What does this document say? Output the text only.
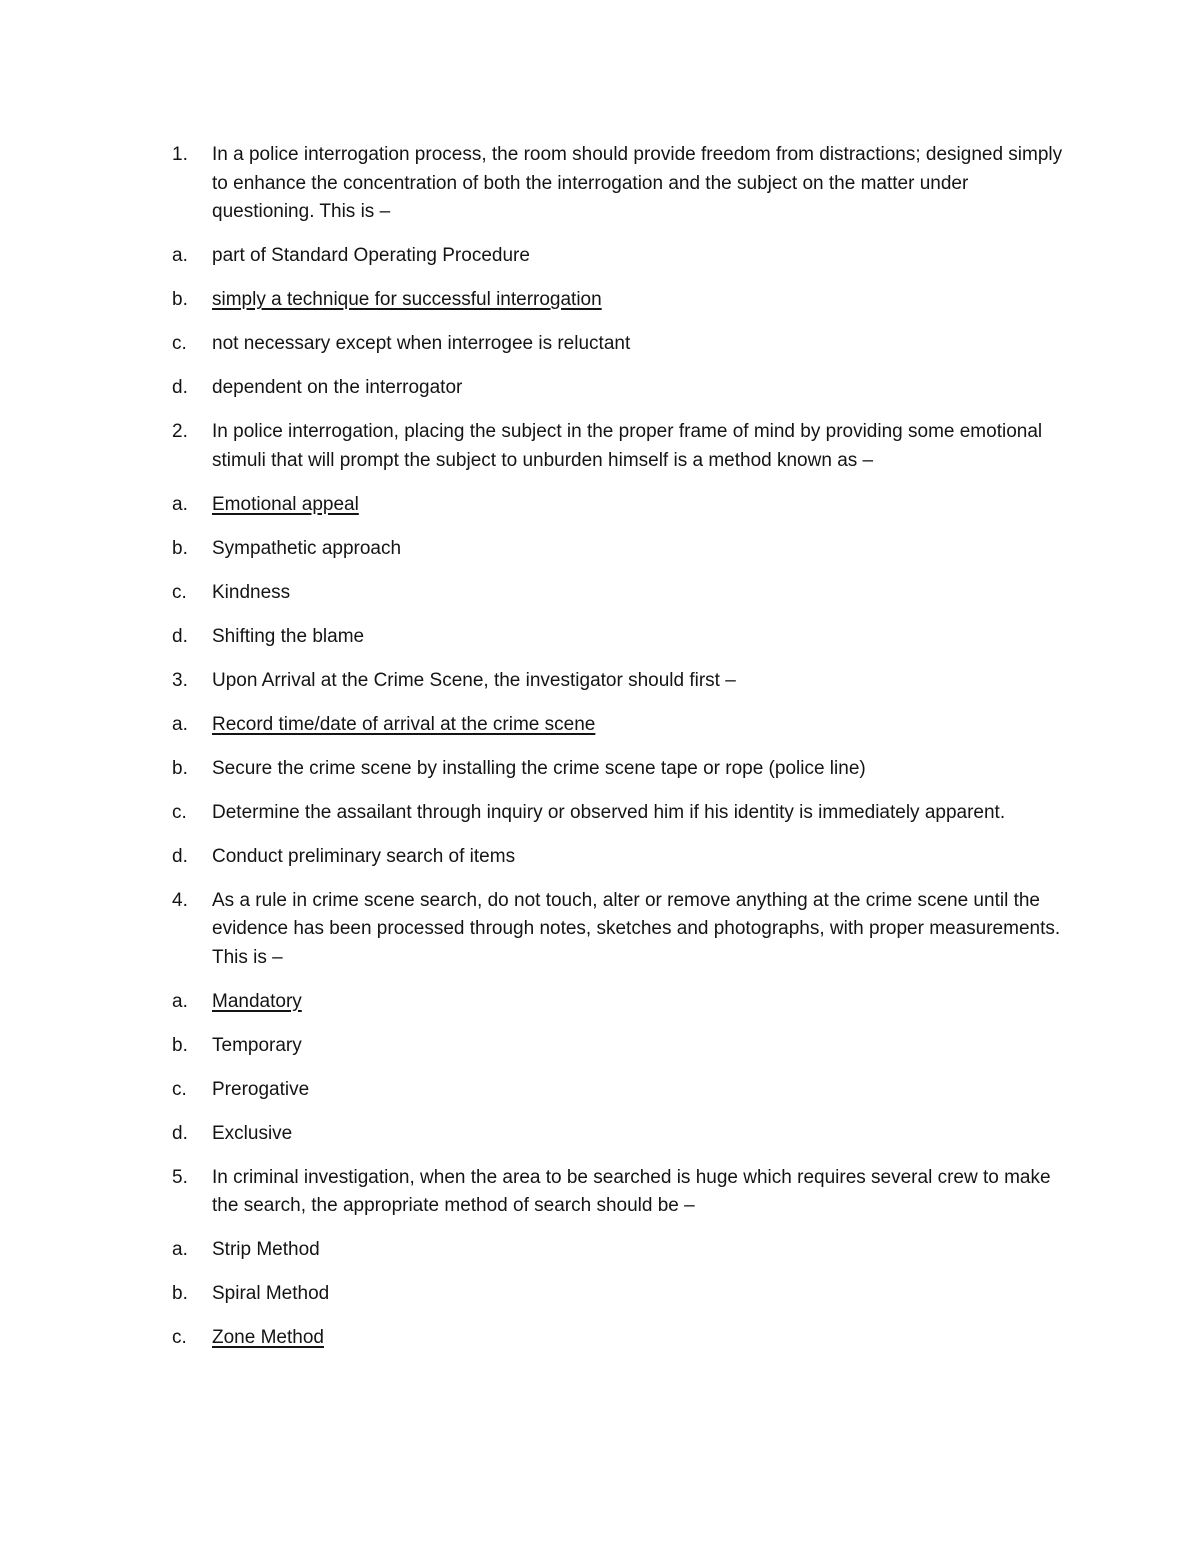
1.	In a police interrogation process, the room should provide freedom from distractions; designed simply to enhance the concentration of both the interrogation and the subject on the matter under questioning. This is –
a.	part of Standard Operating Procedure
b.	simply a technique for successful interrogation
c.	not necessary except when interrogee is reluctant
d.	dependent on the interrogator
2.	In police interrogation, placing the subject in the proper frame of mind by providing some emotional stimuli that will prompt the subject to unburden himself is a method known as –
a.	Emotional appeal
b.	Sympathetic approach
c.	Kindness
d.	Shifting the blame
3.	Upon Arrival at the Crime Scene, the investigator should first –
a.	Record time/date of arrival at the crime scene
b.	Secure the crime scene by installing the crime scene tape or rope (police line)
c.	Determine the assailant through inquiry or observed him if his identity is immediately apparent.
d.	Conduct preliminary search of items
4.	As a rule in crime scene search, do not touch, alter or remove anything at the crime scene until the evidence has been processed through notes, sketches and photographs, with proper measurements. This is –
a.	Mandatory
b.	Temporary
c.	Prerogative
d.	Exclusive
5.	In criminal investigation, when the area to be searched is huge which requires several crew to make the search, the appropriate method of search should be –
a.	Strip Method
b.	Spiral Method
c.	Zone Method
